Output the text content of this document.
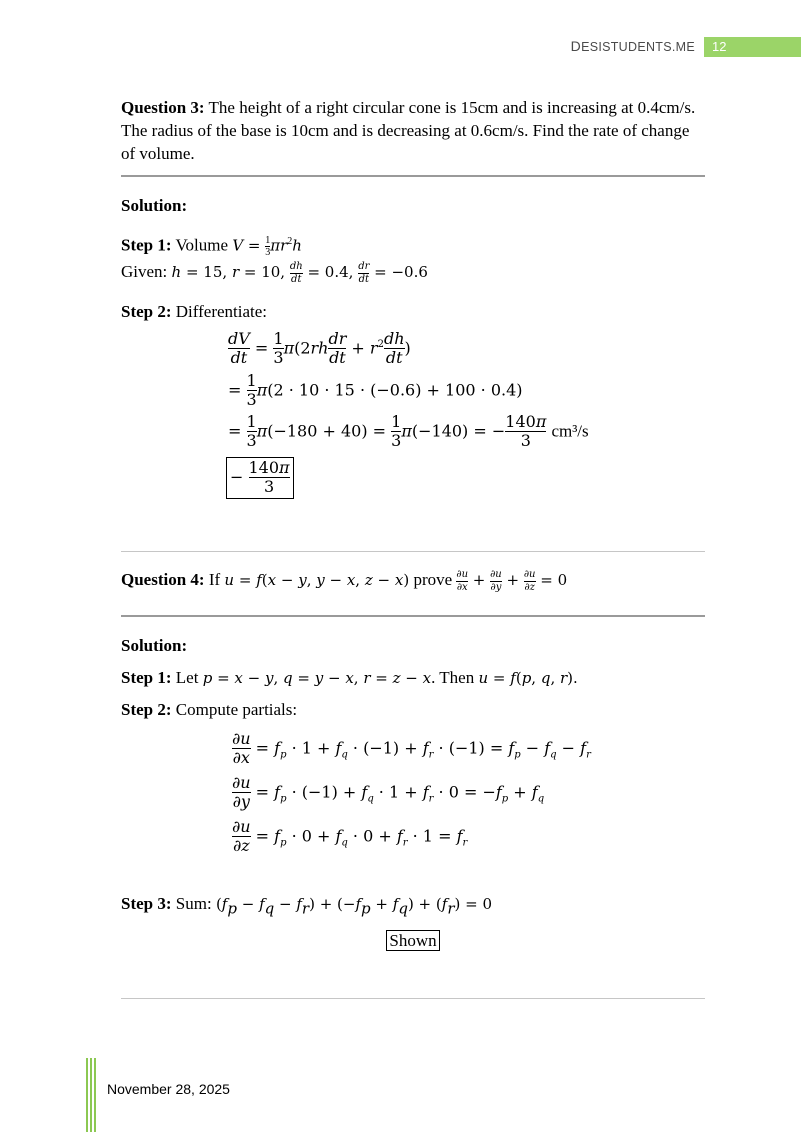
DESISTUDENTS.ME	12
Question 3: The height of a right circular cone is 15cm and is increasing at 0.4cm/s. The radius of the base is 10cm and is decreasing at 0.6cm/s. Find the rate of change of volume.
Solution:
Step 1: Volume $V = \frac{1}{3} \pi r^2h$
Given: h = 15, r = 10, $\frac{dh}{dt} = 0.4$, $\frac{dr}{dt} = -0.6$
Step 2: Differentiate:
$\frac{dV}{dt} = \frac{1}{3} \pi(2rh \frac{dr}{dt} + r^2 \frac{dh}{dt}$ )
= $\frac{1}{3} \pi(2 \cdot 10 \cdot 15 \cdot (-0.6) + 100 \cdot 0.4)$
= $\frac{1}{3} \pi(-180 + 40) = \frac{1}{3} \pi(-140)$ = − $\frac{140\pi}{3} cm^3/s$
− $\frac{140\pi}{3}$
Question 4: If u = f(x − y, y − x, z − x) prove $\frac{\partial u}{\partial x} + \frac{\partial u}{\partial y} + \frac{\partial u}{\partial z} = 0$
Solution:
Step 1: Let p = x − y, q = y − x, r = z − x. Then u = f(p, q, r).
Step 2: Compute partials:
$\frac{\partial u}{\partial x} = f_p \cdot 1 + f_q \cdot (-1) + f_r \cdot (-1) = f_p - f_q - f_r$
$\frac{\partial u}{\partial y} = f_p \cdot (-1) + f_q \cdot 1 + f_r \cdot 0 = -f_p + f_q$
$\frac{\partial u}{\partial z} = f_p \cdot 0 + f_q \cdot 0 + f_r \cdot 1 = f_r$
Step 3: Sum: $(f_p - f_q - f_r) + (-f_p + f_q) + (f_r) = 0$
Shown
November 28, 2025
